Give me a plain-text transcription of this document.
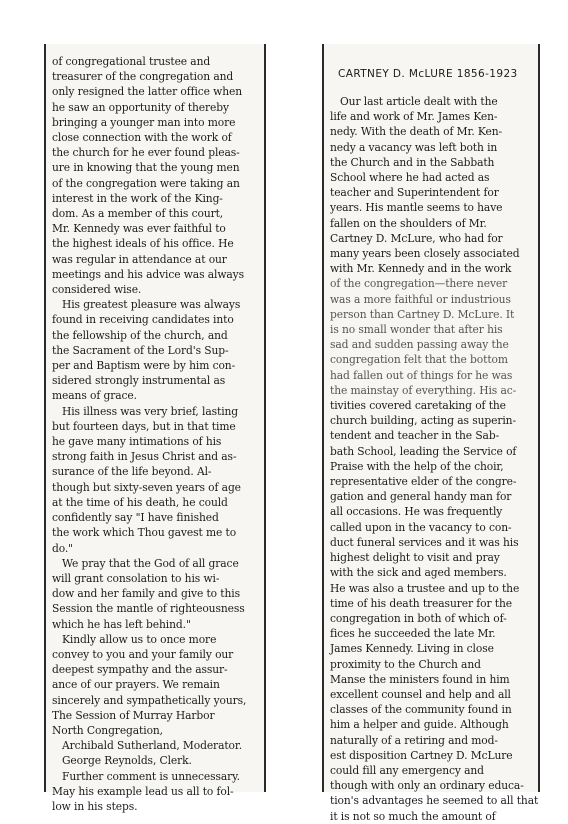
of congregational trustee and
treasurer of the congregation and
only resigned the latter office when
he saw an opportunity of thereby
bringing a younger man into more
close connection with the work of
the church for he ever found pleas-
ure in knowing that the young men
of the congregation were taking an
interest in the work of the King-
dom. As a member of this court,
Mr. Kennedy was ever faithful to
the highest ideals of his office. He
was regular in attendance at our
meetings and his advice was always
considered wise.
His greatest pleasure was always
found in receiving candidates into
the fellowship of the church, and
the Sacrament of the Lord's Sup-
per and Baptism were by him con-
sidered strongly instrumental as
means of grace.
His illness was very brief, lasting
but fourteen days, but in that time
he gave many intimations of his
strong faith in Jesus Christ and as-
surance of the life beyond. Al-
though but sixty-seven years of age
at the time of his death, he could
confidently say "I have finished
the work which Thou gavest me to
do."
We pray that the God of all grace
will grant consolation to his wi-
dow and her family and give to this
Session the mantle of righteousness
which he has left behind."
Kindly allow us to once more
convey to you and your family our
deepest sympathy and the assur-
ance of our prayers. We remain
sincerely and sympathetically yours,
The Session of Murray Harbor
North Congregation,
Archibald Sutherland, Moderator.
George Reynolds, Clerk.
Further comment is unnecessary.
May his example lead us all to fol-
low in his steps.
CARTNEY D. McLURE 1856-1923
Our last article dealt with the
life and work of Mr. James Ken-
nedy. With the death of Mr. Ken-
nedy a vacancy was left both in
the Church and in the Sabbath
School where he had acted as
teacher and Superintendent for
years. His mantle seems to have
fallen on the shoulders of Mr.
Cartney D. McLure, who had for
many years been closely associated
with Mr. Kennedy and in the work
of the congregation—there never
was a more faithful or industrious
person than Cartney D. McLure. It
is no small wonder that after his
sad and sudden passing away the
congregation felt that the bottom
had fallen out of things for he was
the mainstay of everything. His ac-
tivities covered caretaking of the
church building, acting as superin-
tendent and teacher in the Sab-
bath School, leading the Service of
Praise with the help of the choir,
representative elder of the congre-
gation and general handy man for
all occasions. He was frequently
called upon in the vacancy to con-
duct funeral services and it was his
highest delight to visit and pray
with the sick and aged members.
He was also a trustee and up to the
time of his death treasurer for the
congregation in both of which of-
fices he succeeded the late Mr.
James Kennedy. Living in close
proximity to the Church and
Manse the ministers found in him
excellent counsel and help and all
classes of the community found in
him a helper and guide. Although
naturally of a retiring and mod-
est disposition Cartney D. McLure
could fill any emergency and
though with only an ordinary educa-
tion's advantages he seemed to all that
it is not so much the amount of
